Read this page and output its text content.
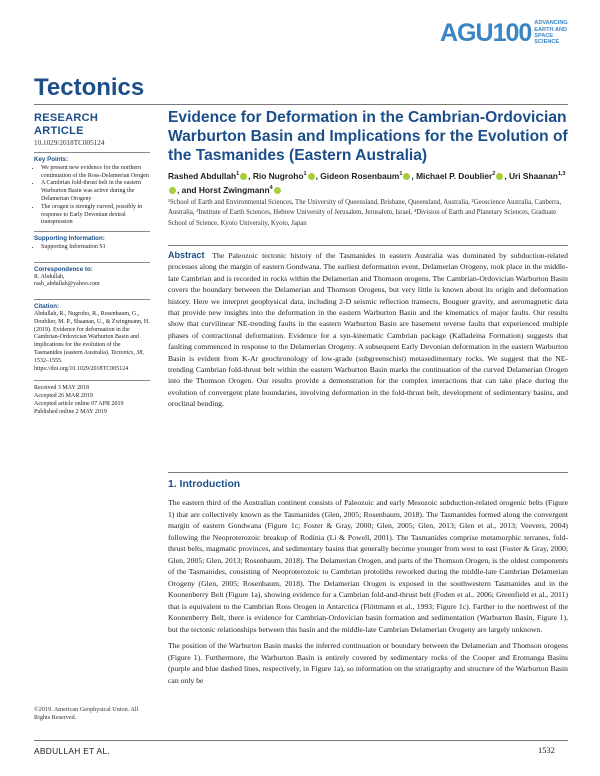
AGU100 ADVANCING
EARTH AND
SPACE SCIENCE
Tectonics
RESEARCH ARTICLE
10.1029/2018TC005124
Key Points:
• We present new evidence for the northern continuation of the Ross-Delamerian Orogen
• A Cambrian fold-thrust belt in the eastern Warburton Basin was active during the Delamerian Orogeny
• The orogen is strongly curved, possibly in response to Early Devonian dextral transpression
Supporting Information:
• Supporting Information S1
Correspondence to:
R. Abdullah,
rash_abdullah@yahoo.com
Citation:
Abdullah, R., Nugroho, R., Rosenbaum, G., Doublier, M. P., Shaanan, U., & Zwingmann, H. (2019). Evidence for deformation in the Cambrian-Ordovician Warburton Basin and implications for the evolution of the Tasmanides (eastern Australia). Tectonics, 38, 1532–1555. https://doi.org/10.1029/2018TC005124
Received 3 MAY 2018
Accepted 26 MAR 2019
Accepted article online 07 APR 2019
Published online 2 MAY 2019
©2019. American Geophysical Union. All Rights Reserved.
Evidence for Deformation in the Cambrian-Ordovician Warburton Basin and Implications for the Evolution of the Tasmanides (Eastern Australia)
Rashed Abdullah$^1$ , Rio Nugroho$^1$ , Gideon Rosenbaum$^1$ , Michael P. Doublier$^2$ , Uri Shaanan$^{1,3}$, and Horst Zwingmann$^4$
¹School of Earth and Environmental Sciences, The University of Queensland, Brisbane, Queensland, Australia, ²Geoscience Australia, Canberra, Australia, ³Institute of Earth Sciences, Hebrew University of Jerusalem, Jerusalem, Israel, ⁴Division of Earth and Planetary Sciences, Graduate School of Science, Kyoto University, Kyoto, Japan
Abstract The Paleozoic tectonic history of the Tasmanides in eastern Australia was dominated by subduction-related processes along the margin of eastern Gondwana. The earliest deformation event, Delamerian Orogeny, took place in the middle-late Cambrian and is recorded in rocks within the Delamerian and Thomson orogens. The Cambrian-Ordovician Warburton Basin covers the boundary between the Delamerian and Thomson Orogens, but very little is known about its origin and deformation history. Here we interpret geophysical data, including 2-D seismic reflection transects, Bouguer gravity, and aeromagnetic data that provide new insights into the deformation in the eastern Warburton Basin and the kinematics of major faults. Our results show that curvilinear NE-trending faults in the eastern Warburton Basin are basement reverse faults that experienced multiple phases of contractional deformation. Evidence for a syn-kinematic Cambrian package (Kalladeina Formation) suggests that faulting commenced in response to the Delamerian Orogeny. A subsequent Early Devonian deformation in the eastern Warburton Basin is evident from K-Ar geochronology of low-grade (subgreenschist) metasedimentary rocks. We suggest that the NE-trending Cambrian fold-thrust belt within the eastern Warburton Basin marks the continuation of the curved Delamerian Orogen into the Thomson Orogen. Our results provide a demonstration for the complex interactions that can take place during the evolution of convergent plate boundaries, involving deformation in the fold-thrust belt, development of sedimentary basins, and oroclinal bending.
1. Introduction

The eastern third of the Australian continent consists of Paleozoic and early Mesozoic subduction-related orogenic belts (Figure 1) that are collectively known as the Tasmanides (Glen, 2005; Rosenbaum, 2018). The Tasmanides formed along the convergent margin of eastern Gondwana (Figure 1c; Foster & Gray, 2000; Glen, 2005; Glen, 2013; Glen et al., 2013; Veevers, 2004) following the Neoproterozoic breakup of Rodinia (Li & Powell, 2001). The Tasmanides comprise metamorphic terranes, fold-thrust belts, magmatic provinces, and sedimentary basins that generally become younger from west to east (Foster & Gray, 2000; Glen, 2005; Glen, 2013; Rosenbaum, 2018). The Delamerian Orogen, and parts of the Thomson Orogen, is the oldest components of the Tasmanides, consisting of Neoproterozoic to Cambrian protoliths reworked during the middle-late Cambrian Delamerian Orogeny (Glen, 2005; Rosenbaum, 2018). The Delamerian Orogen is exposed in the southwestern Tasmanides and in the Koonenberry Belt (Figure 1a), showing evidence for a Cambrian fold-and-thrust belt (Foden et al., 2006; Greenfield et al., 2011) that is equivalent to the Cambrian Ross Orogen in Antarctica (Flöttmann et al., 1993; Figure 1c). Farther to the northwest of the Koonenberry Belt, there is evidence for Cambrian-Ordovician basin formation and sedimentation (Warburton Basin, Figure 1), but the tectonic relationships between this basin and the middle-late Cambrian Delamerian Orogeny are largely unknown.

The position of the Warburton Basin masks the inferred continuation or boundary between the Delamerian and Thomson orogens (Figure 1). Furthermore, the Warburton Basin is entirely covered by sedimentary rocks of the Cooper and Eromanga Basins (purple and blue dashed lines, respectively, in Figure 1a), so information on the stratigraphy and structure of the Warburton Basin can only be

ABDULLAH ET AL.	1532
